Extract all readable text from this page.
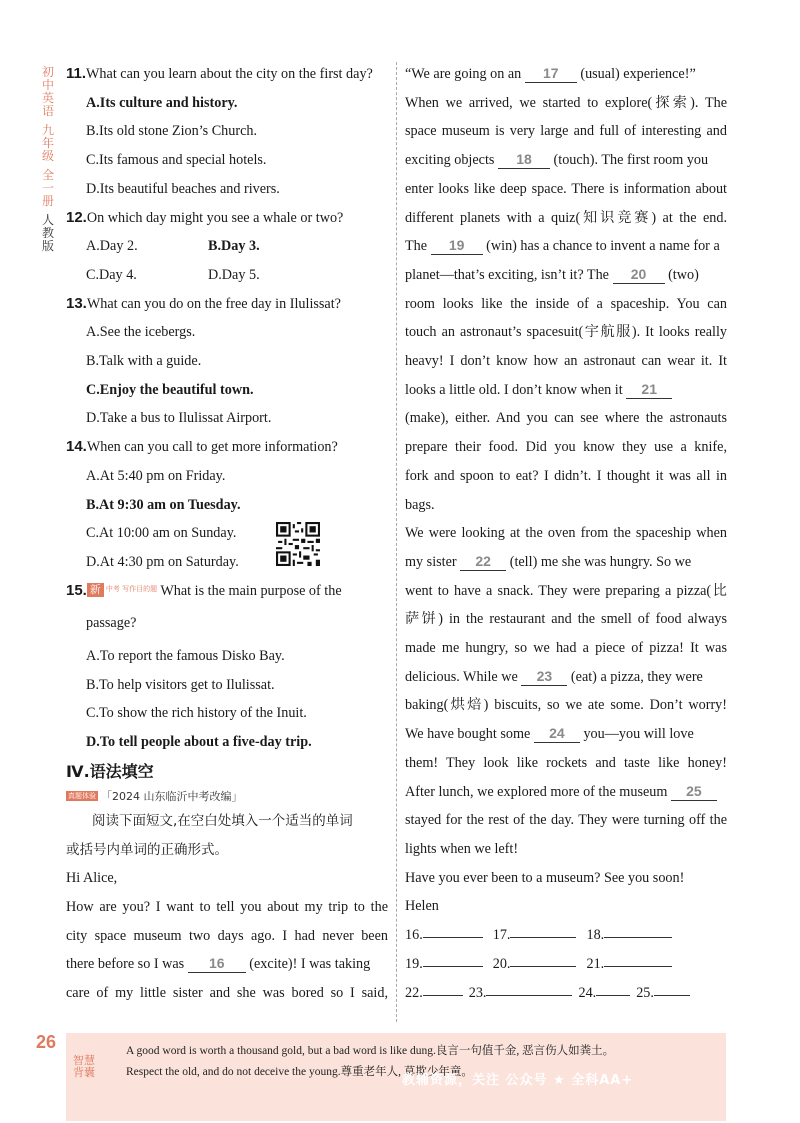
初
中
英
语
九
年
级
全
一
册
人
教
版
11.What can you learn about the city on the first day?
A.Its culture and history.
B.Its old stone Zion’s Church.
C.Its famous and special hotels.
D.Its beautiful beaches and rivers.
12.On which day might you see a whale or two?
A.Day 2.	B.Day 3.
C.Day 4.	D.Day 5.
13.What can you do on the free day in Ilulissat?
A.See the icebergs.
B.Talk with a guide.
C.Enjoy the beautiful town.
D.Take a bus to Ilulissat Airport.
14.When can you call to get more information?
A.At 5:40 pm on Friday.
B.At 9:30 am on Tuesday.
C.At 10:00 am on Sunday.
D.At 4:30 pm on Saturday.
15. 新 中考 写作目的题 What is the main purpose of the
passage?
A.To report the famous Disko Bay.
B.To help visitors get to Ilulissat.
C.To show the rich history of the Inuit.
D.To tell people about a five-day trip.
Ⅳ.语法填空
真题体验 「2024 山东临沂中考改编」
阅读下面短文,在空白处填入一个适当的单词
或括号内单词的正确形式。
Hi Alice,
How are you? I want to tell you about my trip to the
city space museum two days ago. I had never been
there before so I was 16 (excite)! I was taking
care of my little sister and she was bored so I said,
“We are going on an 17 (usual) experience!”
When we arrived, we started to explore(探索). The
space museum is very large and full of interesting and
exciting objects 18 (touch). The first room you
enter looks like deep space. There is information about
different planets with a quiz(知识竞赛) at the end.
The 19 (win) has a chance to invent a name for a
planet—that’s exciting, isn’t it? The 20 (two)
room looks like the inside of a spaceship. You can
touch an astronaut’s spacesuit(宇航服). It looks really
heavy! I don’t know how an astronaut can wear it. It
looks a little old. I don’t know when it 21
(make), either. And you can see where the astronauts
prepare their food. Did you know they use a knife,
fork and spoon to eat? I didn’t. I thought it was all in
bags.
We were looking at the oven from the spaceship when
my sister 22 (tell) me she was hungry. So we
went to have a snack. They were preparing a pizza(比
萨饼) in the restaurant and the smell of food always
made me hungry, so we had a piece of pizza! It was
delicious. While we 23 (eat) a pizza, they were
baking(烘焙) biscuits, so we ate some. Don’t worry!
We have bought some 24 you—you will love
them! They look like rockets and taste like honey!
After lunch, we explored more of the museum 25
stayed for the rest of the day. They were turning off the
lights when we left!
Have you ever been to a museum? See you soon!
Helen
16.	17.	18.
19.	20.	21.
22.	23.	24.	25.
26
智慧
背囊
A good word is worth a thousand gold, but a bad word is like dung.良言一句值千金, 恶言伤人如粪土。
Respect the old, and do not deceive the young.尊重老年人, 莫欺少年童。
教辅资源，关注 公众号 ★ 全科AA+
